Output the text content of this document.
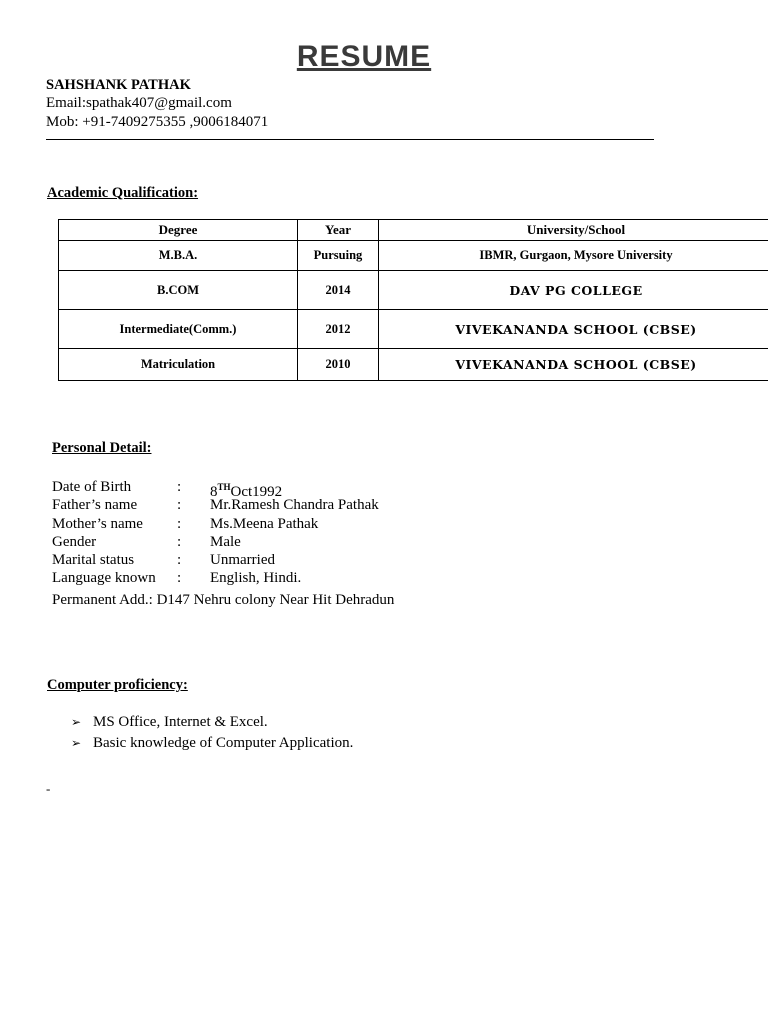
RESUME
SAHSHANK PATHAK
Email:spathak407@gmail.com
Mob: +91-7409275355 ,9006184071
Academic Qualification:
Degree	Year	University/School
M.B.A.	Pursuing	IBMR, Gurgaon, Mysore University
B.COM	2014	DAV PG COLLEGE
Intermediate(Comm.)	2012	VIVEKANANDA SCHOOL (CBSE)
Matriculation	2010	VIVEKANANDA SCHOOL (CBSE)
Personal Detail:
Date of Birth	:	8THOct1992
Father’s name	:	Mr.Ramesh Chandra Pathak
Mother’s name	:	Ms.Meena Pathak
Gender	:	Male
Marital status	:	Unmarried
Language known	:	English, Hindi.
Permanent Add.: D147 Nehru colony Near Hit Dehradun
Computer proficiency:
➢ MS Office, Internet & Excel.
➢ Basic knowledge of Computer Application.
-
